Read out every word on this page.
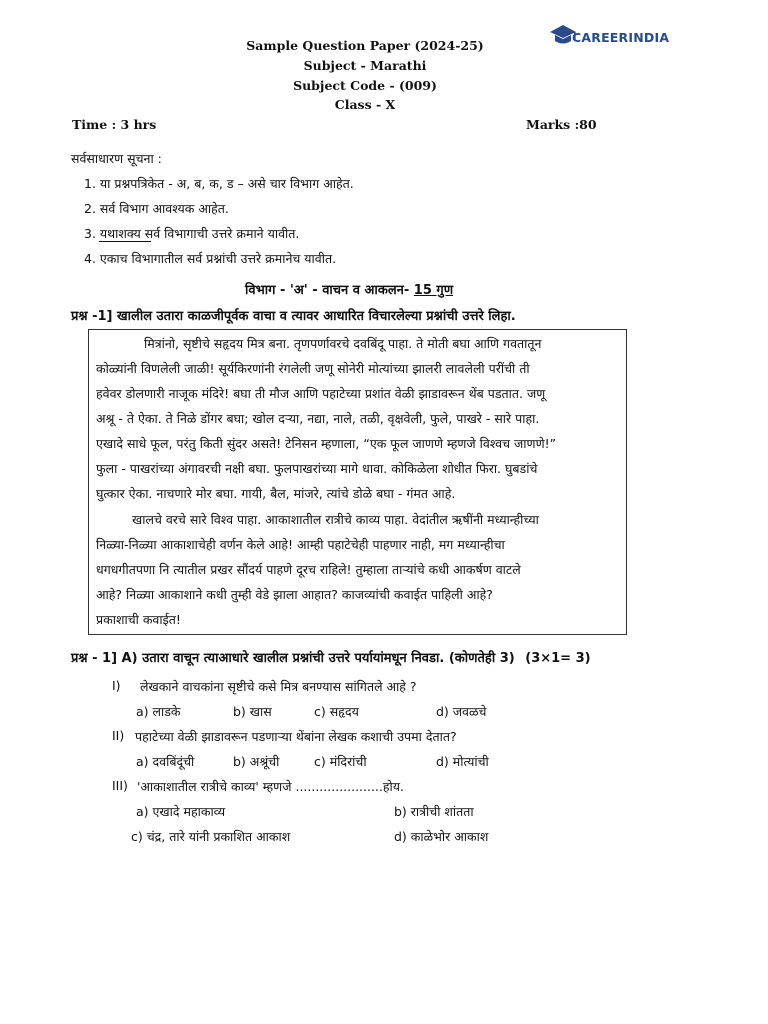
CAREERINDIA
Sample Question Paper (2024-25)
Subject - Marathi
Subject Code - (009)
Class - X
Time : 3 hrs	Marks :80
सर्वसाधारण सूचना :
1. या प्रश्नपत्रिकेत - अ, ब, क, ड – असे चार विभाग आहेत.
2. सर्व विभाग आवश्यक आहेत.
3. यथाशक्य सर्व विभागाची उत्तरे क्रमाने यावीत.
4. एकाच विभागातील सर्व प्रश्नांची उत्तरे क्रमानेच यावीत.
विभाग - 'अ' - वाचन व आकलन- 15 गुण
प्रश्न -1] खालील उतारा काळजीपूर्वक वाचा व त्यावर आधारित विचारलेल्या प्रश्नांची उत्तरे लिहा.
मित्रांनो, सृष्टीचे सहृदय मित्र बना. तृणपर्णावरचे दवबिंदू पाहा. ते मोती बघा आणि गवतातून
कोळ्यांनी विणलेली जाळी! सूर्यकिरणांनी रंगलेली जणू सोनेरी मोत्यांच्या झालरी लावलेली परींची ती
हवेवर डोलणारी नाजूक मंदिरे! बघा ती मौज आणि पहाटेच्या प्रशांत वेळी झाडावरून थेंब पडतात. जणू
अश्रू - ते ऐका. ते निळे डोंगर बघा; खोल दऱ्या, नद्या, नाले, तळी, वृक्षवेली, फुले, पाखरे - सारे पाहा.
एखादे साधे फूल, परंतु किती सुंदर असते! टेनिसन म्हणाला, “एक फूल जाणणे म्हणजे विश्वच जाणणे!”
फुला - पाखरांच्या अंगावरची नक्षी बघा. फुलपाखरांच्या मागे धावा. कोकिळेला शोधीत फिरा. घुबडांचे
घुत्कार ऐका. नाचणारे मोर बघा. गायी, बैल, मांजरे, त्यांचे डोळे बघा - गंमत आहे.
खालचे वरचे सारे विश्व पाहा. आकाशातील रात्रीचे काव्य पाहा. वेदांतील ऋषींनी मध्यान्हीच्या
निळ्या-निळ्या आकाशाचेही वर्णन केले आहे! आम्ही पहाटेचेही पाहणार नाही, मग मध्यान्हीचा
धगधगीतपणा नि त्यातील प्रखर सौंदर्य पाहणे दूरच राहिले! तुम्हाला ताऱ्यांचे कधी आकर्षण वाटले
आहे? निळ्या आकाशाने कधी तुम्ही वेडे झाला आहात? काजव्यांची कवाईत पाहिली आहे?
प्रकाशाची कवाईत!
प्रश्न - 1] A) उतारा वाचून त्याआधारे खालील प्रश्नांची उत्तरे पर्यायांमधून निवडा. (कोणतेही 3) (3×1= 3)
I) लेखकाने वाचकांना सृष्टीचे कसे मित्र बनण्यास सांगितले आहे ?
a) लाडके	b) खास	c) सहृदय	d) जवळचे
II) पहाटेच्या वेळी झाडावरून पडणाऱ्या थेंबांना लेखक कशाची उपमा देतात?
a) दवबिंदूंची	b) अश्रूंची	c) मंदिरांची	d) मोत्यांची
III) 'आकाशातील रात्रीचे काव्य' म्हणजे ......................होय.
a) एखादे महाकाव्य	b) रात्रीची शांतता
c) चंद्र, तारे यांनी प्रकाशित आकाश	d) काळेभोर आकाश
